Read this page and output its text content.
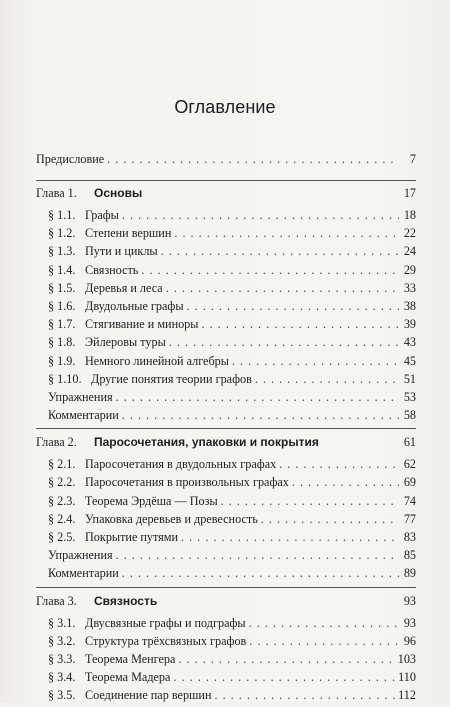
Оглавление
Предисловие . . .	7
Глава 1.	Основы	17
§ 1.1. Графы . . .	18
§ 1.2. Степени вершин . . .	22
§ 1.3. Пути и циклы . . .	24
§ 1.4. Связность . . .	29
§ 1.5. Деревья и леса . . .	33
§ 1.6. Двудольные графы . . .	38
§ 1.7. Стягивание и миноры . . .	39
§ 1.8. Эйлеровы туры . . .	43
§ 1.9. Немного линейной алгебры . . .	45
§ 1.10. Другие понятия теории графов . . .	51
Упражнения . . .	53
Комментарии . . .	58
Глава 2.	Паросочетания, упаковки и покрытия	61
§ 2.1. Паросочетания в двудольных графах . . .	62
§ 2.2. Паросочетания в произвольных графах . . .	69
§ 2.3. Теорема Эрдёша — Позы . . .	74
§ 2.4. Упаковка деревьев и древесность . . .	77
§ 2.5. Покрытие путями . . .	83
Упражнения . . .	85
Комментарии . . .	89
Глава 3.	Связность	93
§ 3.1. Двусвязные графы и подграфы . . .	93
§ 3.2. Структура трёхсвязных графов . . .	96
§ 3.3. Теорема Менгера . . .	103
§ 3.4. Теорема Мадера . . .	110
§ 3.5. Соединение пар вершин . . .	112
